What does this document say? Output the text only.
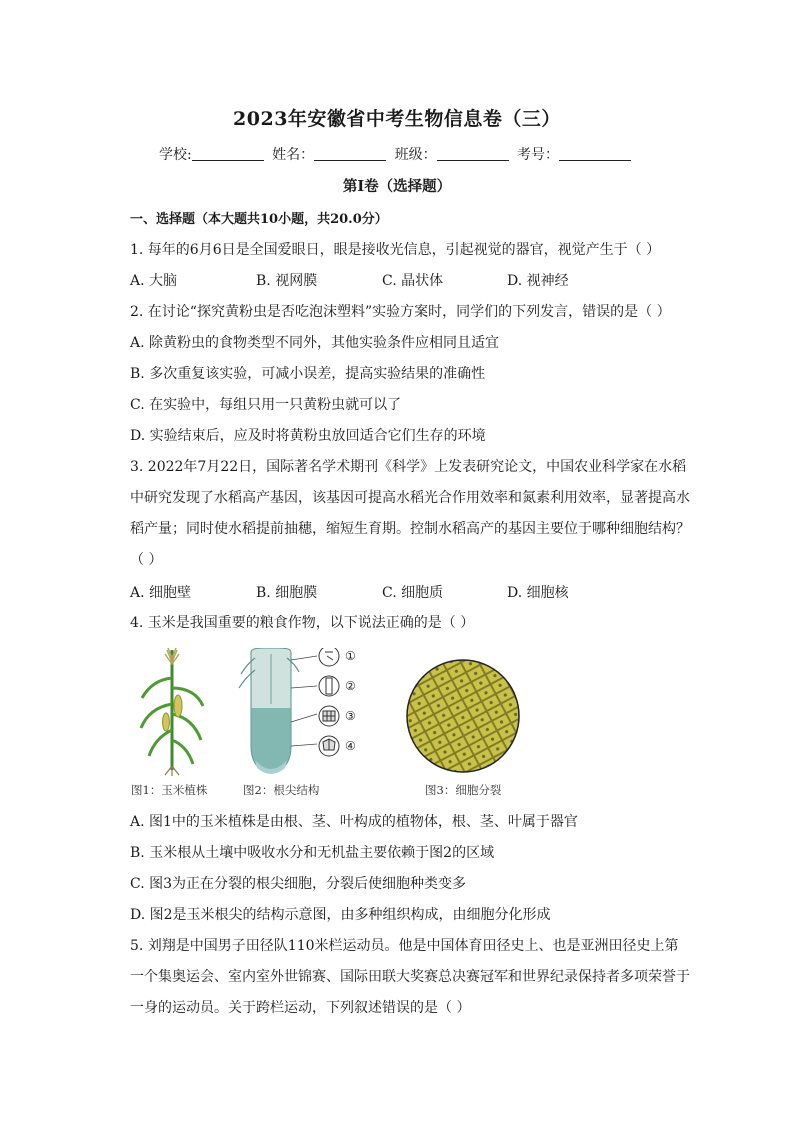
2023年安徽省中考生物信息卷（三）
学校:	姓名：	班级：	考号：
第I卷（选择题）
一、选择题（本大题共10小题，共20.0分）
1. 每年的6月6日是全国爱眼日，眼是接收光信息，引起视觉的器官，视觉产生于（ ）
A. 大脑	B. 视网膜	C. 晶状体	D. 视神经
2. 在讨论“探究黄粉虫是否吃泡沫塑料”实验方案时，同学们的下列发言，错误的是（ ）
A. 除黄粉虫的食物类型不同外，其他实验条件应相同且适宜
B. 多次重复该实验，可减小误差，提高实验结果的准确性
C. 在实验中，每组只用一只黄粉虫就可以了
D. 实验结束后，应及时将黄粉虫放回适合它们生存的环境
3. 2022年7月22日，国际著名学术期刊《科学》上发表研究论文，中国农业科学家在水稻
中研究发现了水稻高产基因，该基因可提高水稻光合作用效率和氮素利用效率，显著提高水
稻产量；同时使水稻提前抽穗，缩短生育期。控制水稻高产的基因主要位于哪种细胞结构？
（ ）
A. 细胞壁	B. 细胞膜	C. 细胞质	D. 细胞核
4. 玉米是我国重要的粮食作物，以下说法正确的是（ ）
①
②
③
④
图1：玉米植株	图2：根尖结构	图3：细胞分裂
A. 图1中的玉米植株是由根、茎、叶构成的植物体，根、茎、叶属于器官
B. 玉米根从土壤中吸收水分和无机盐主要依赖于图2的区域
C. 图3为正在分裂的根尖细胞，分裂后使细胞种类变多
D. 图2是玉米根尖的结构示意图，由多种组织构成，由细胞分化形成
5. 刘翔是中国男子田径队110米栏运动员。他是中国体育田径史上、也是亚洲田径史上第
一个集奥运会、室内室外世锦赛、国际田联大奖赛总决赛冠军和世界纪录保持者多项荣誉于
一身的运动员。关于跨栏运动，下列叙述错误的是（ ）
